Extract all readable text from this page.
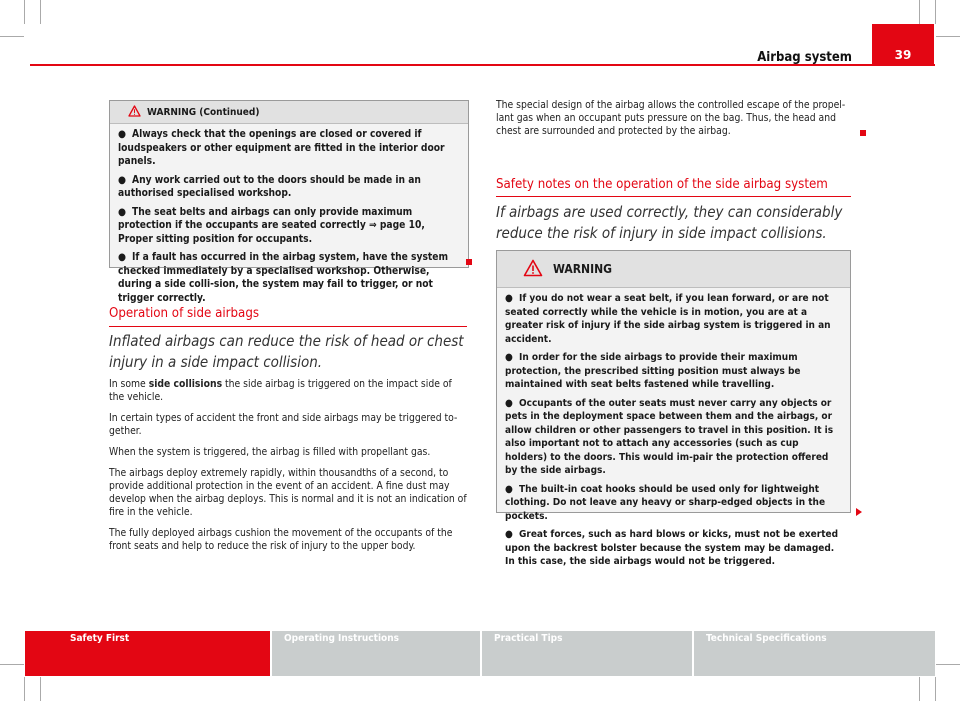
39
Airbag system
WARNING (Continued)

● Always check that the openings are closed or covered if loudspeakers or other equipment are fitted in the interior door panels.

● Any work carried out to the doors should be made in an authorised specialised workshop.

● The seat belts and airbags can only provide maximum protection if the occupants are seated correctly ⇒ page 10, Proper sitting position for occupants.

● If a fault has occurred in the airbag system, have the system checked immediately by a specialised workshop. Otherwise, during a side colli-sion, the system may fail to trigger, or not trigger correctly.

Operation of side airbags
Inflated airbags can reduce the risk of head or chest injury in a side impact collision.

In some side collisions the side airbag is triggered on the impact side of the vehicle.

In certain types of accident the front and side airbags may be triggered to-gether.

When the system is triggered, the airbag is filled with propellant gas.

The airbags deploy extremely rapidly, within thousandths of a second, to provide additional protection in the event of an accident. A fine dust may develop when the airbag deploys. This is normal and it is not an indication of fire in the vehicle.

The fully deployed airbags cushion the movement of the occupants of the front seats and help to reduce the risk of injury to the upper body.

The special design of the airbag allows the controlled escape of the propel-lant gas when an occupant puts pressure on the bag. Thus, the head and chest are surrounded and protected by the airbag.
Safety notes on the operation of the side airbag system
If airbags are used correctly, they can considerably reduce the risk of injury in side impact collisions.
WARNING

● If you do not wear a seat belt, if you lean forward, or are not seated correctly while the vehicle is in motion, you are at a greater risk of injury if the side airbag system is triggered in an accident.

● In order for the side airbags to provide their maximum protection, the prescribed sitting position must always be maintained with seat belts fastened while travelling.

● Occupants of the outer seats must never carry any objects or pets in the deployment space between them and the airbags, or allow children or other passengers to travel in this position. It is also important not to attach any accessories (such as cup holders) to the doors. This would im-pair the protection offered by the side airbags.

● The built-in coat hooks should be used only for lightweight clothing. Do not leave any heavy or sharp-edged objects in the pockets.

● Great forces, such as hard blows or kicks, must not be exerted upon the backrest bolster because the system may be damaged. In this case, the side airbags would not be triggered.

Safety First	Operating Instructions	Practical Tips	Technical Specifications
